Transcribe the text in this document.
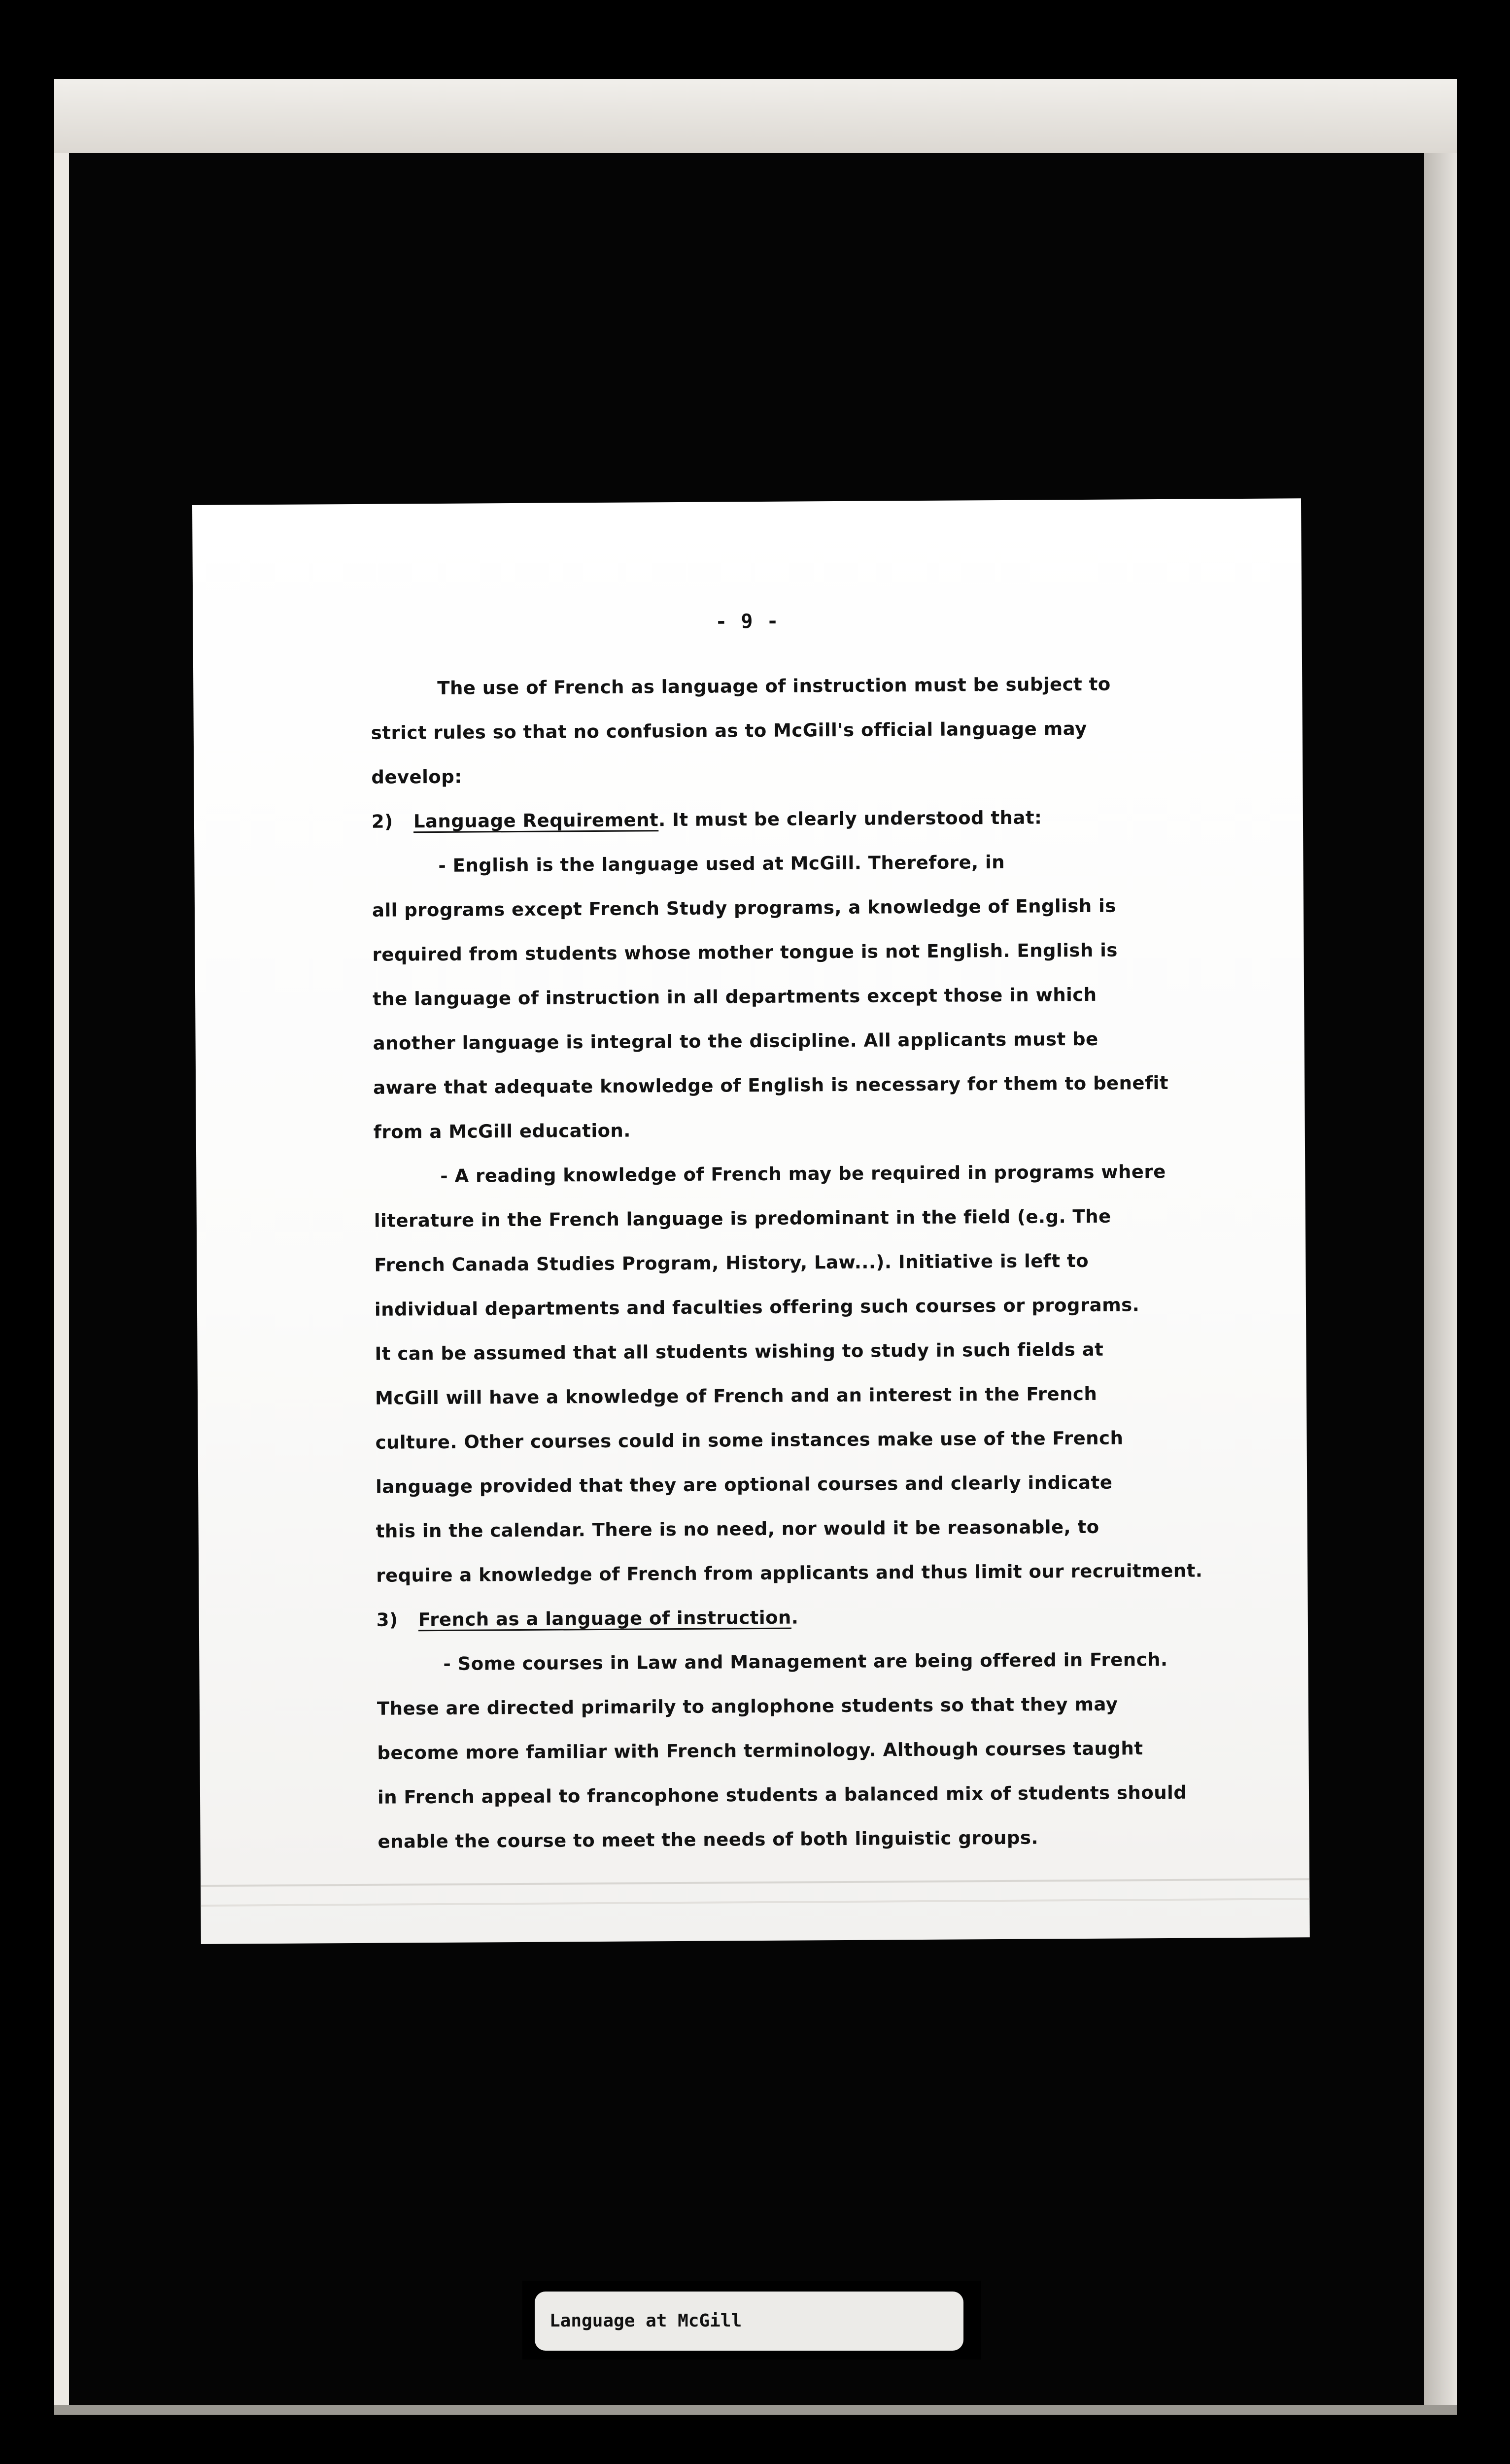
- 9 -
The use of French as language of instruction must be subject to
strict rules so that no confusion as to McGill's official language may
develop:
2) Language Requirement. It must be clearly understood that:
- English is the language used at McGill. Therefore, in
all programs except French Study programs, a knowledge of English is
required from students whose mother tongue is not English. English is
the language of instruction in all departments except those in which
another language is integral to the discipline. All applicants must be
aware that adequate knowledge of English is necessary for them to benefit
from a McGill education.
- A reading knowledge of French may be required in programs where
literature in the French language is predominant in the field (e.g. The
French Canada Studies Program, History, Law...). Initiative is left to
individual departments and faculties offering such courses or programs.
It can be assumed that all students wishing to study in such fields at
McGill will have a knowledge of French and an interest in the French
culture. Other courses could in some instances make use of the French
language provided that they are optional courses and clearly indicate
this in the calendar. There is no need, nor would it be reasonable, to
require a knowledge of French from applicants and thus limit our recruitment.
3) French as a language of instruction.
- Some courses in Law and Management are being offered in French.
These are directed primarily to anglophone students so that they may
become more familiar with French terminology. Although courses taught
in French appeal to francophone students a balanced mix of students should
enable the course to meet the needs of both linguistic groups.
Language at McGill
